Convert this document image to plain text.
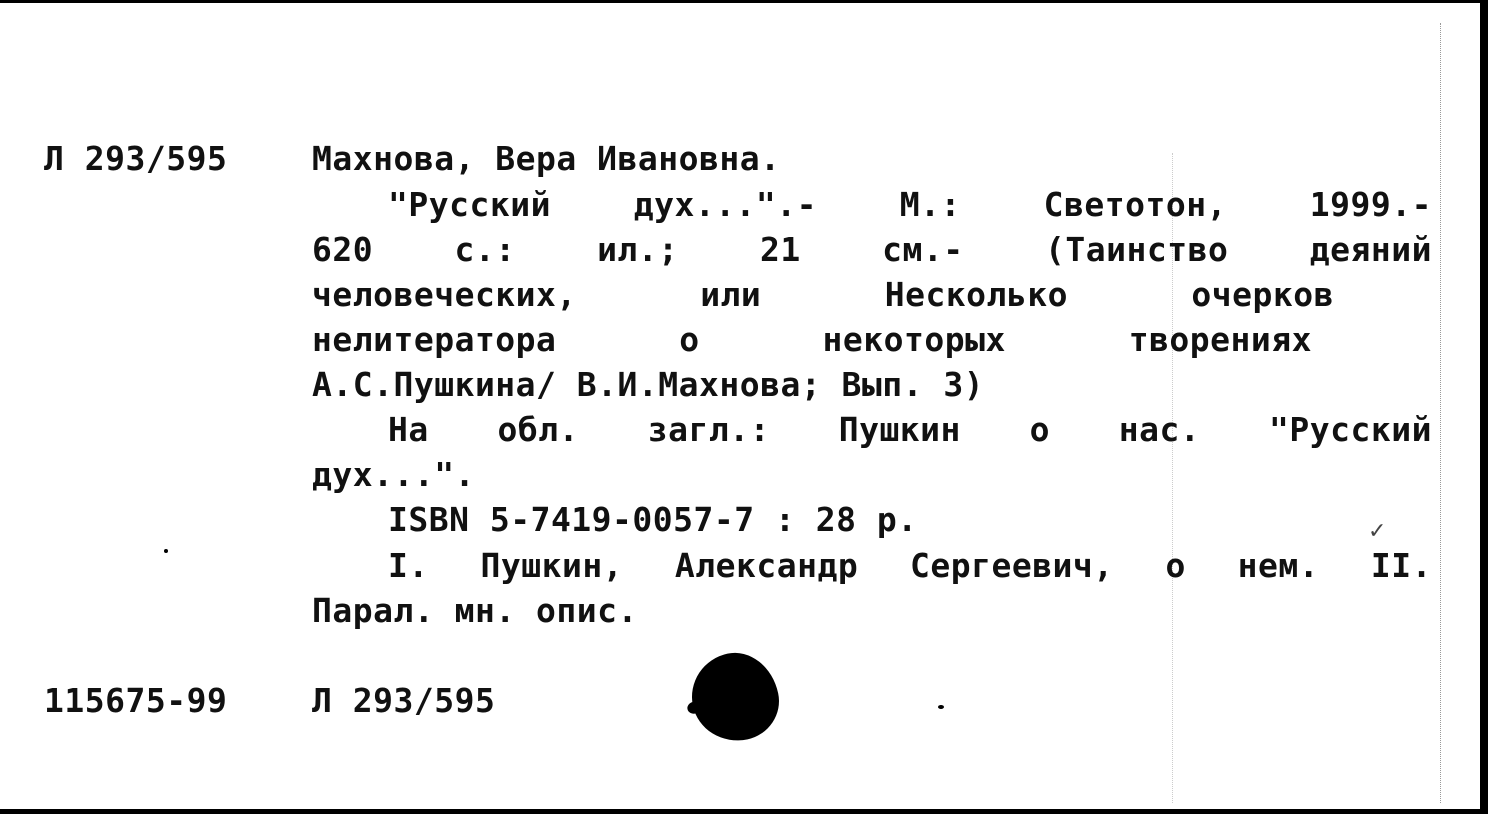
Л 293/595	Махнова, Вера Ивановна.
"Русский	дух...".-	М.:	Светотон,	1999.-
620 с.: ил.; 21 см.- (Таинство деяний
человеческих,	или	Несколько	очерков
нелитератора	о	некоторых	творениях
А.С.Пушкина/ В.И.Махнова; Вып. 3)
На обл. загл.: Пушкин о нас. "Русский
дух...".
ISBN 5-7419-0057-7 : 28 р.
I. Пушкин, Александр Сергеевич, о нем. II.
Парал. мн. опис.
115675-99	Л 293/595
✓
